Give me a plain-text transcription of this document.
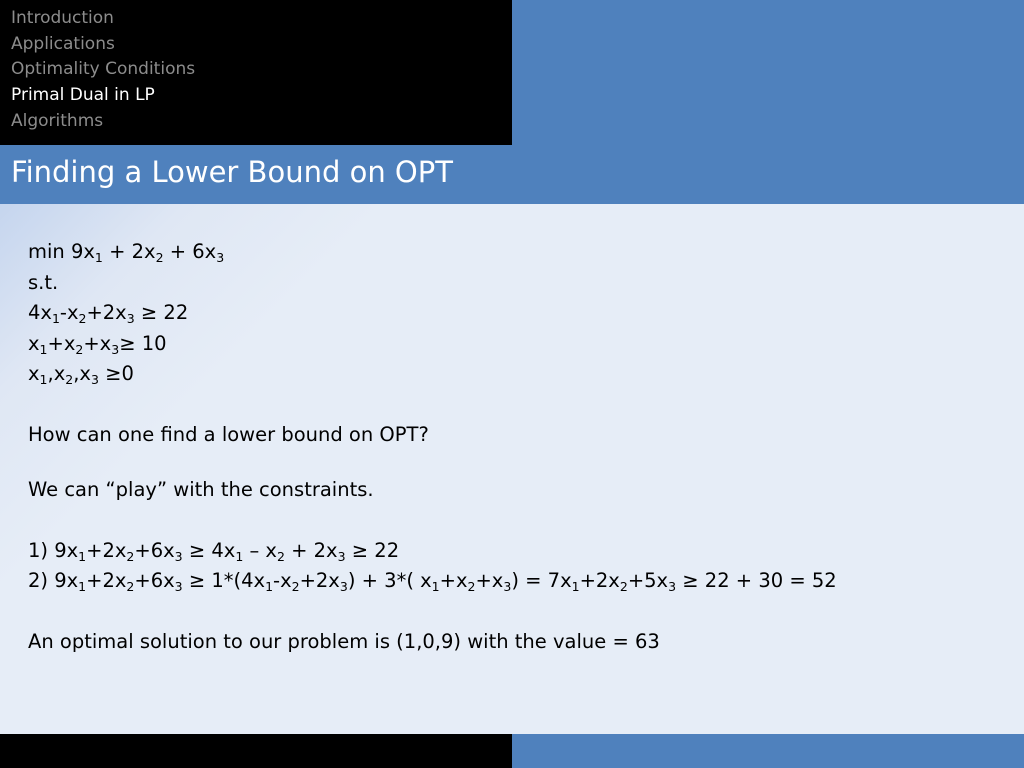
Introduction
Applications
Optimality Conditions
Primal Dual in LP
Algorithms
Finding a Lower Bound on OPT
$\min 9x_1 + 2x_2 + 6x_3$
s.t.
$4x_1-x_2+2x_3 \ge 22$
$x_1+x_2+x_3\ge 10$
$x_1,x_2,x_3 \ge 0$
How can one find a lower bound on OPT?
We can “play” with the constraints.
1) $9x_1+2x_2+6x_3 \ge 4x_1 - x_2 + 2x_3 \ge 22$
2) $9x_1+2x_2+6x_3 \ge 1*(4x_1-x_2+2x_3) + 3*$( $x_1+x_2+x_3) = 7x_1+2x_2+5x_3 \ge 22 + 30 = 52$
An optimal solution to our problem is (1,0,9) with the value = 63
